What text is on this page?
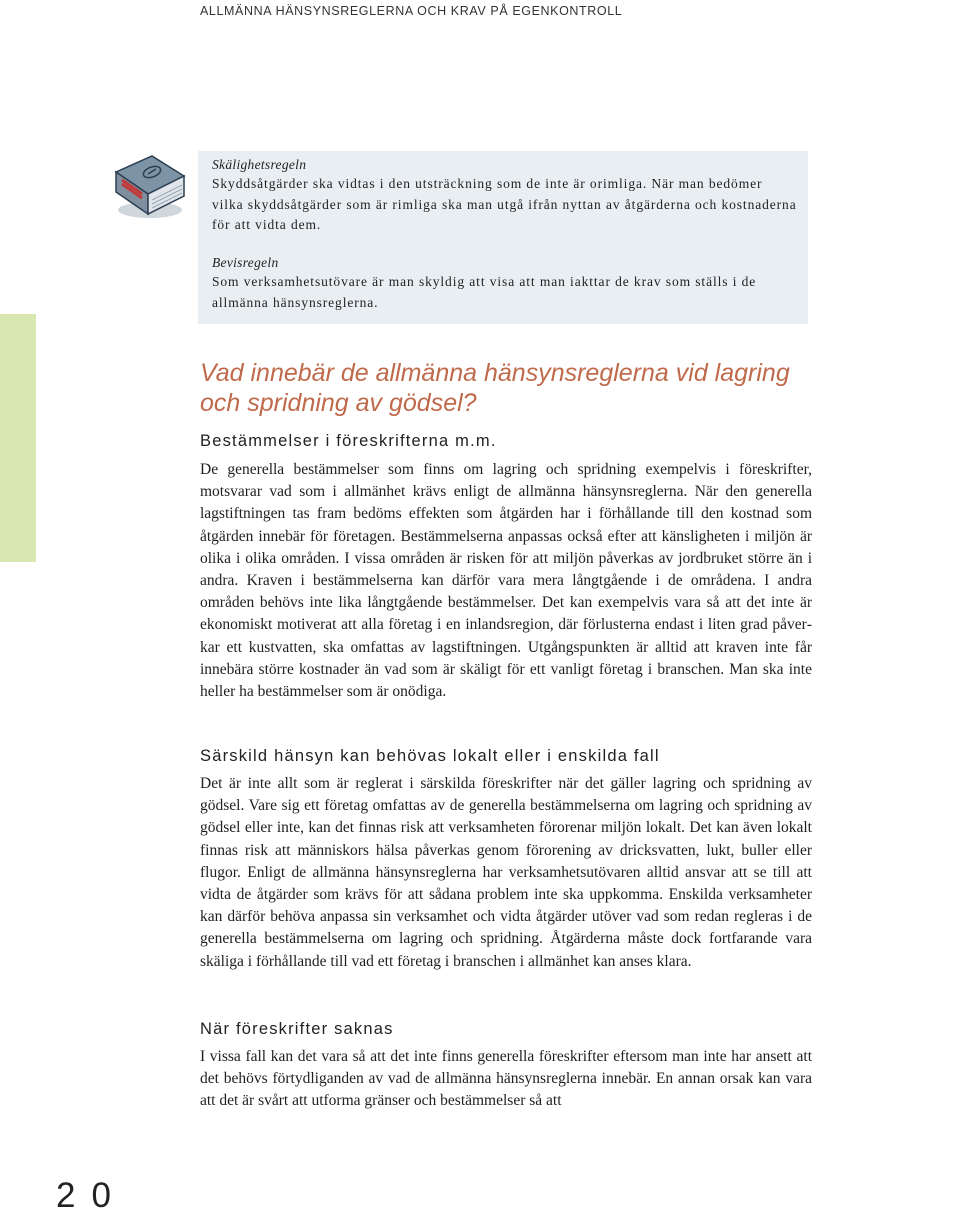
ALLMÄNNA HÄNSYNSREGLERNA OCH KRAV PÅ EGENKONTROLL
Skälighetsregeln
Skyddsåtgärder ska vidtas i den utsträckning som de inte är orimliga. När man bedömer vilka skyddsåtgärder som är rimliga ska man utgå ifrån nyttan av åtgärderna och kostnaderna för att vidta dem.
Bevisregeln
Som verksamhetsutövare är man skyldig att visa att man iakttar de krav som ställs i de allmänna hänsynsreglerna.
Vad innebär de allmänna hänsynsreglerna vid lagring och spridning av gödsel?
Bestämmelser i föreskrifterna m.m.
De generella bestämmelser som finns om lagring och spridning exempelvis i föreskrifter, motsvarar vad som i allmänhet krävs enligt de allmänna hänsynsreglerna. När den generella lagstiftningen tas fram bedöms effekten som åtgärden har i förhållande till den kostnad som åtgärden innebär för företagen. Bestämmelserna anpassas också efter att känsligheten i miljön är olika i olika områden. I vissa områden är risken för att miljön påverkas av jordbruket större än i andra. Kraven i bestämmelserna kan därför vara mera långtgående i de områdena. I andra områden behövs inte lika långtgående bestämmelser. Det kan exempelvis vara så att det inte är ekonomiskt motiverat att alla företag i en inlandsregion, där förlusterna endast i liten grad påverkar ett kustvatten, ska omfattas av lagstiftningen. Utgångspunkten är alltid att kraven inte får innebära större kostnader än vad som är skäligt för ett vanligt företag i branschen. Man ska inte heller ha bestämmelser som är onödiga.
Särskild hänsyn kan behövas lokalt eller i enskilda fall
Det är inte allt som är reglerat i särskilda föreskrifter när det gäller lagring och spridning av gödsel. Vare sig ett företag omfattas av de generella bestämmelserna om lagring och spridning av gödsel eller inte, kan det finnas risk att verksamheten förorenar miljön lokalt. Det kan även lokalt finnas risk att människors hälsa påverkas genom förorening av dricksvatten, lukt, buller eller flugor. Enligt de allmänna hänsynsreglerna har verksamhetsutövaren alltid ansvar att se till att vidta de åtgärder som krävs för att sådana problem inte ska uppkomma. Enskilda verksamheter kan därför behöva anpassa sin verksamhet och vidta åtgärder utöver vad som redan regleras i de generella bestämmelserna om lagring och spridning. Åtgärderna måste dock fortfarande vara skäliga i förhållande till vad ett företag i branschen i allmänhet kan anses klara.
När föreskrifter saknas
I vissa fall kan det vara så att det inte finns generella föreskrifter eftersom man inte har ansett att det behövs förtydliganden av vad de allmänna hänsynsreglerna innebär. En annan orsak kan vara att det är svårt att utforma gränser och bestämmelser så att
20
